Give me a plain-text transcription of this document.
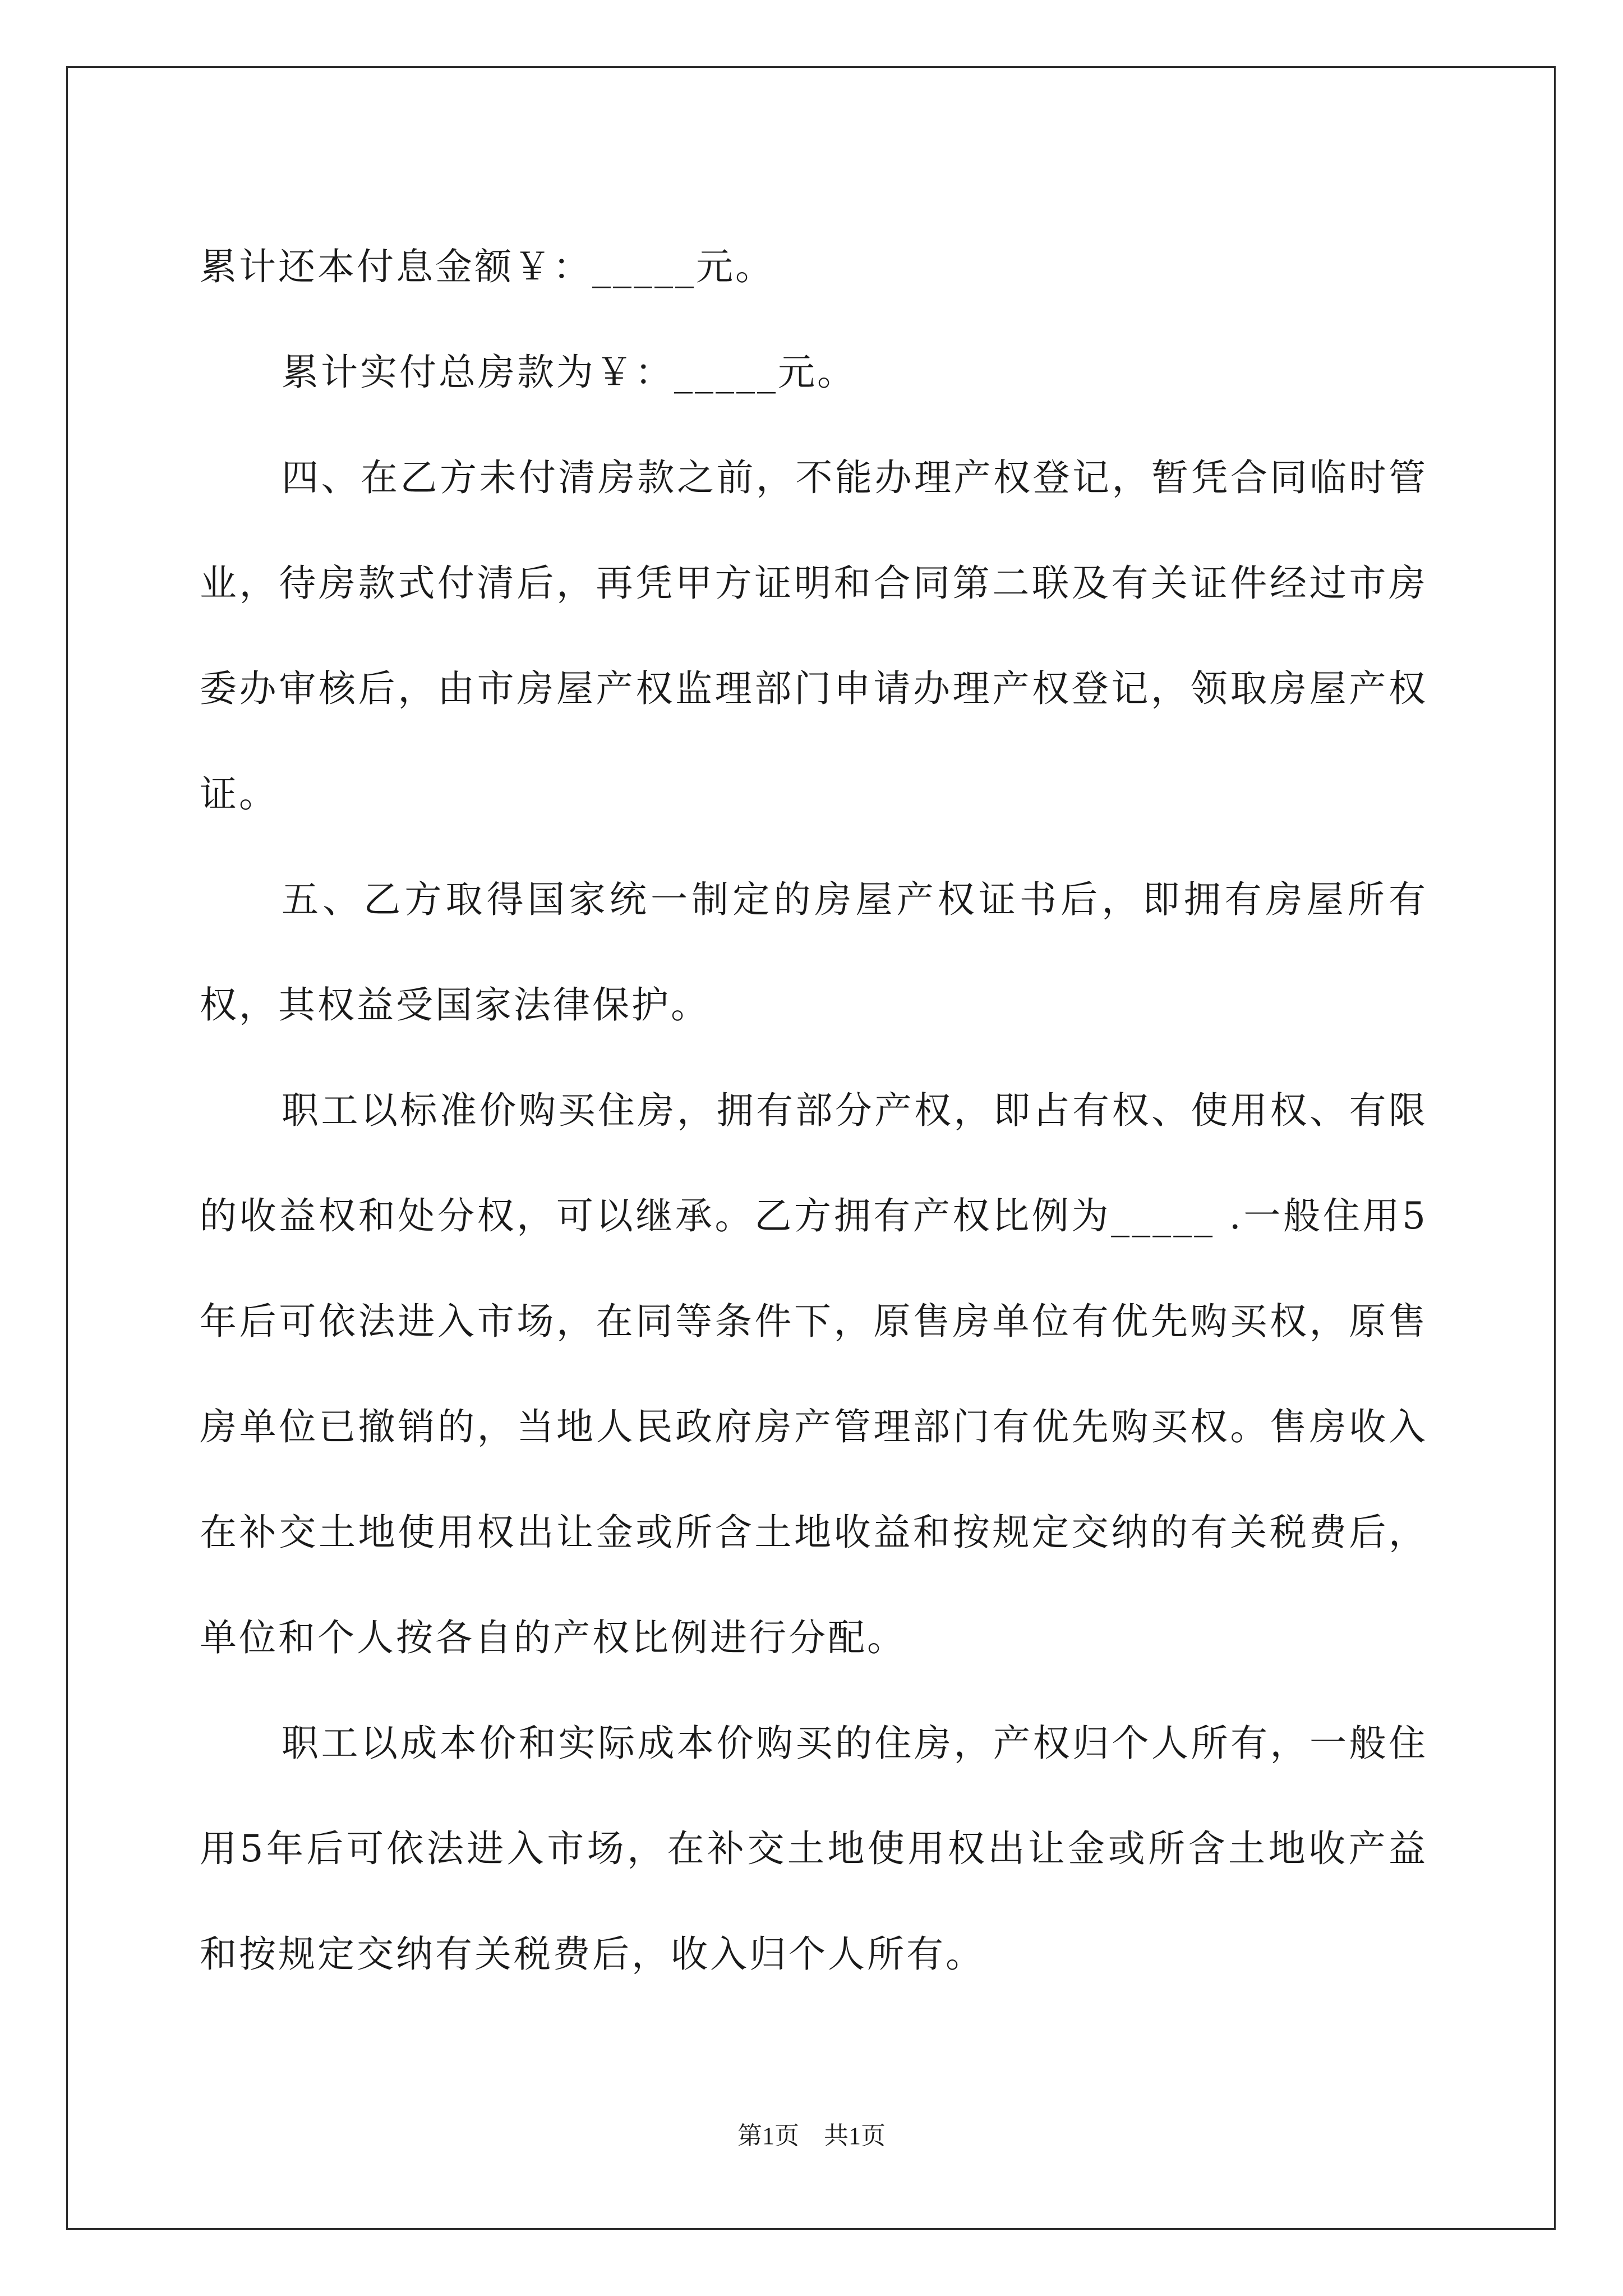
累计还本付息金额￥：_____元。

累计实付总房款为￥：_____元。

四、在乙方未付清房款之前，不能办理产权登记，暂凭合同临时管业，待房款式付清后，再凭甲方证明和合同第二联及有关证件经过市房委办审核后，由市房屋产权监理部门申请办理产权登记，领取房屋产权证。

五、乙方取得国家统一制定的房屋产权证书后，即拥有房屋所有权，其权益受国家法律保护。

职工以标准价购买住房，拥有部分产权，即占有权、使用权、有限的收益权和处分权，可以继承。乙方拥有产权比例为_____ .一般住用5年后可依法进入市场，在同等条件下，原售房单位有优先购买权，原售房单位已撤销的，当地人民政府房产管理部门有优先购买权。售房收入在补交土地使用权出让金或所含土地收益和按规定交纳的有关税费后，单位和个人按各自的产权比例进行分配。

职工以成本价和实际成本价购买的住房，产权归个人所有，一般住用5年后可依法进入市场，在补交土地使用权出让金或所含土地收产益和按规定交纳有关税费后，收入归个人所有。

第1页　共1页
